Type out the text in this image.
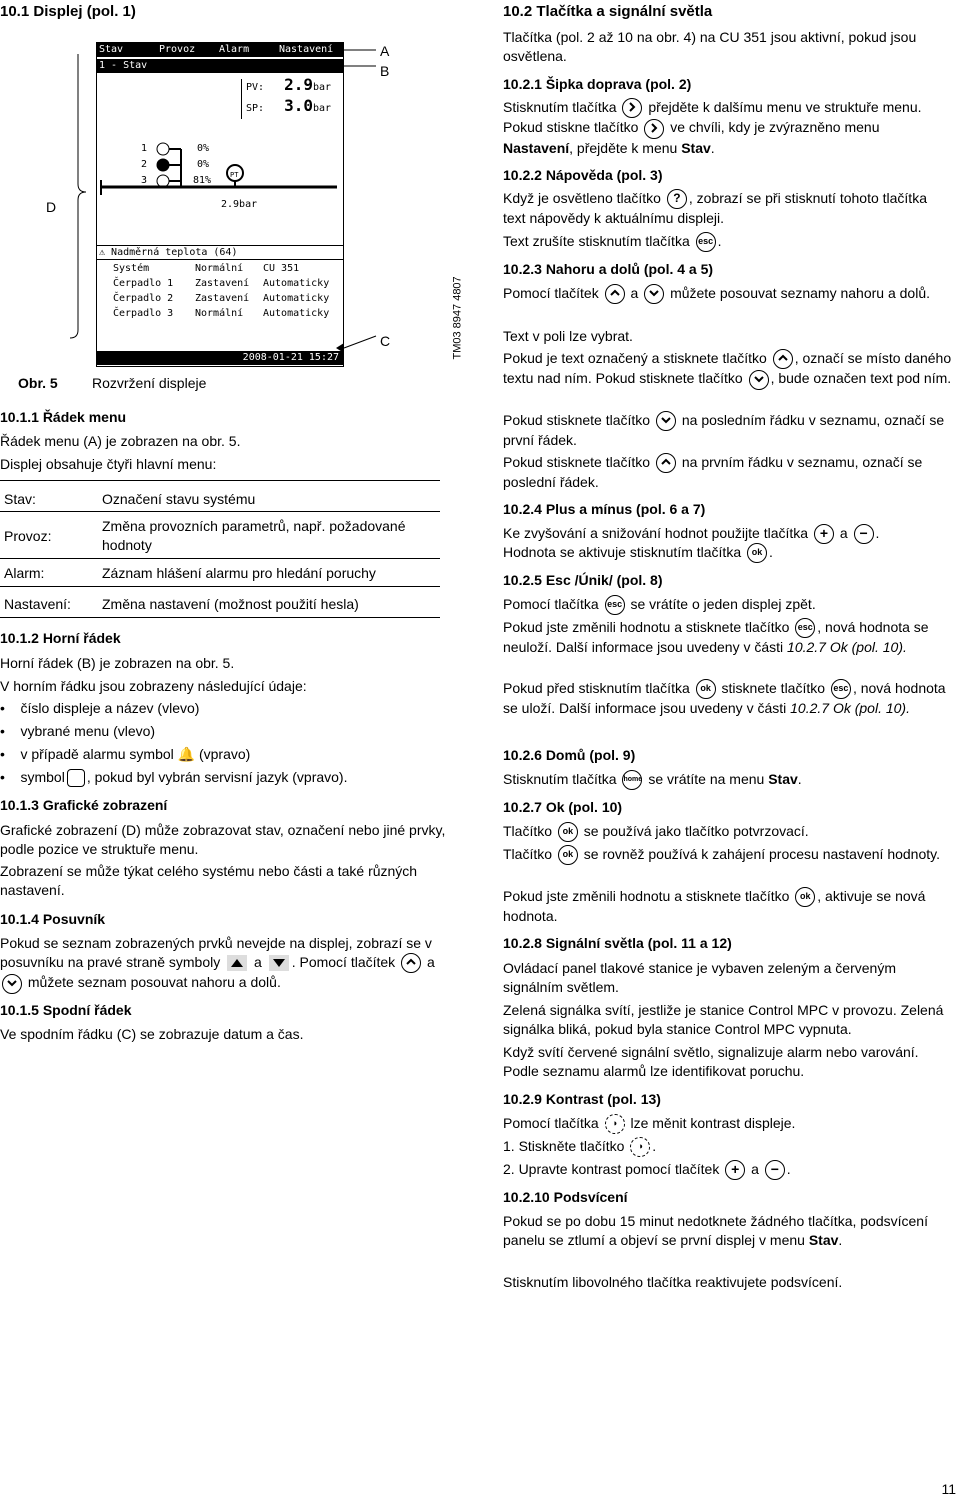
10.1 Displej (pol. 1)
Stav	Provoz Alarm	Nastavení
1 - Stav
PV: 2.9bar
SP: 3.0bar
1
2
3
0%
0%
81%	PT
2.9bar
⚠ Nadměrná teplota (64)
Systém	Normální CU 351
Čerpadlo 1 Zastavení Automaticky
Čerpadlo 2 Zastavení Automaticky
Čerpadlo 3 Normální Automaticky
2008-01-21 15:27
A
B
C
D
TM03 8947 4807
Obr. 5 Rozvržení displeje
10.1.1 Řádek menu
Řádek menu (A) je zobrazen na obr. 5.
Displej obsahuje čtyři hlavní menu:
Stav:	Označení stavu systému
Provoz:
Změna provozních parametrů, např. požadované hodnoty
Alarm:	Záznam hlášení alarmu pro hledání poruchy
Nastavení: Změna nastavení (možnost použití hesla)
10.1.2 Horní řádek
Horní řádek (B) je zobrazen na obr. 5.
V horním řádku jsou zobrazeny následující údaje:
•    číslo displeje a název (vlevo)
•    vybrané menu (vlevo)
•    v případě alarmu symbol 🔔 (vpravo)
•    symbol , pokud byl vybrán servisní jazyk (vpravo).
10.1.3 Grafické zobrazení
Grafické zobrazení (D) může zobrazovat stav, označení nebo jiné prvky, podle pozice ve struktuře menu.
Zobrazení se může týkat celého systému nebo části a také různých nastavení.
10.1.4 Posuvník
Pokud se seznam zobrazených prvků nevejde na displej, zobrazí se v posuvníku na pravé straně symboly a . Pomocí tlačítek a
můžete seznam posouvat nahoru a dolů.
10.1.5 Spodní řádek
Ve spodním řádku (C) se zobrazuje datum a čas.
10.2 Tlačítka a signální světla
Tlačítka (pol. 2 až 10 na obr. 4) na CU 351 jsou aktivní, pokud jsou osvětlena.
10.2.1 Šipka doprava (pol. 2)
Stisknutím tlačítka přejděte k dalšímu menu ve struktuře menu. Pokud stiskne tlačítko ve chvíli, kdy je zvýrazněno menu Nastavení, přejděte k menu Stav.
10.2.2 Nápověda (pol. 3)
Když je osvětleno tlačítko ? , zobrazí se při stisknutí tohoto tlačítka text nápovědy k aktuálnímu displeji.
Text zrušíte stisknutím tlačítka esc .
10.2.3 Nahoru a dolů (pol. 4 a 5)
Pomocí tlačítek a můžete posouvat seznamy nahoru a dolů.
Text v poli lze vybrat.
Pokud je text označený a stisknete tlačítko , označí se místo daného textu nad ním. Pokud stisknete tlačítko , bude označen text pod ním.
Pokud stisknete tlačítko na posledním řádku v seznamu, označí se první řádek.
Pokud stisknete tlačítko na prvním řádku v seznamu, označí se poslední řádek.
10.2.4 Plus a mínus (pol. 6 a 7)
Ke zvyšování a snižování hodnot použijte tlačítka + a − .
Hodnota se aktivuje stisknutím tlačítka ok .
10.2.5 Esc /Únik/ (pol. 8)
Pomocí tlačítka esc se vrátíte o jeden displej zpět.
Pokud jste změnili hodnotu a stisknete tlačítko esc , nová hodnota se neuloží. Další informace jsou uvedeny v části 10.2.7 Ok (pol. 10).
Pokud před stisknutím tlačítka ok stisknete tlačítko esc , nová hodnota se uloží. Další informace jsou uvedeny v části 10.2.7 Ok (pol. 10).
10.2.6 Domů (pol. 9)
Stisknutím tlačítka home se vrátíte na menu Stav.
10.2.7 Ok (pol. 10)
Tlačítko ok se používá jako tlačítko potvrzovací.
Tlačítko ok se rovněž používá k zahájení procesu nastavení hodnoty.
Pokud jste změnili hodnotu a stisknete tlačítko ok , aktivuje se nová hodnota.
10.2.8 Signální světla (pol. 11 a 12)
Ovládací panel tlakové stanice je vybaven zeleným a červeným signálním světlem.
Zelená signálka svítí, jestliže je stanice Control MPC v provozu. Zelená signálka bliká, pokud byla stanice Control MPC vypnuta.
Když svítí červené signální světlo, signalizuje alarm nebo varování. Podle seznamu alarmů lze identifikovat poruchu.
10.2.9 Kontrast (pol. 13)
Pomocí tlačítka ◑ lze měnit kontrast displeje.
1. Stiskněte tlačítko ◑ .
2. Upravte kontrast pomocí tlačítek + a − .
10.2.10 Podsvícení
Pokud se po dobu 15 minut nedotknete žádného tlačítka, podsvícení panelu se ztlumí a objeví se první displej v menu Stav.
Stisknutím libovolného tlačítka reaktivujete podsvícení.
11
